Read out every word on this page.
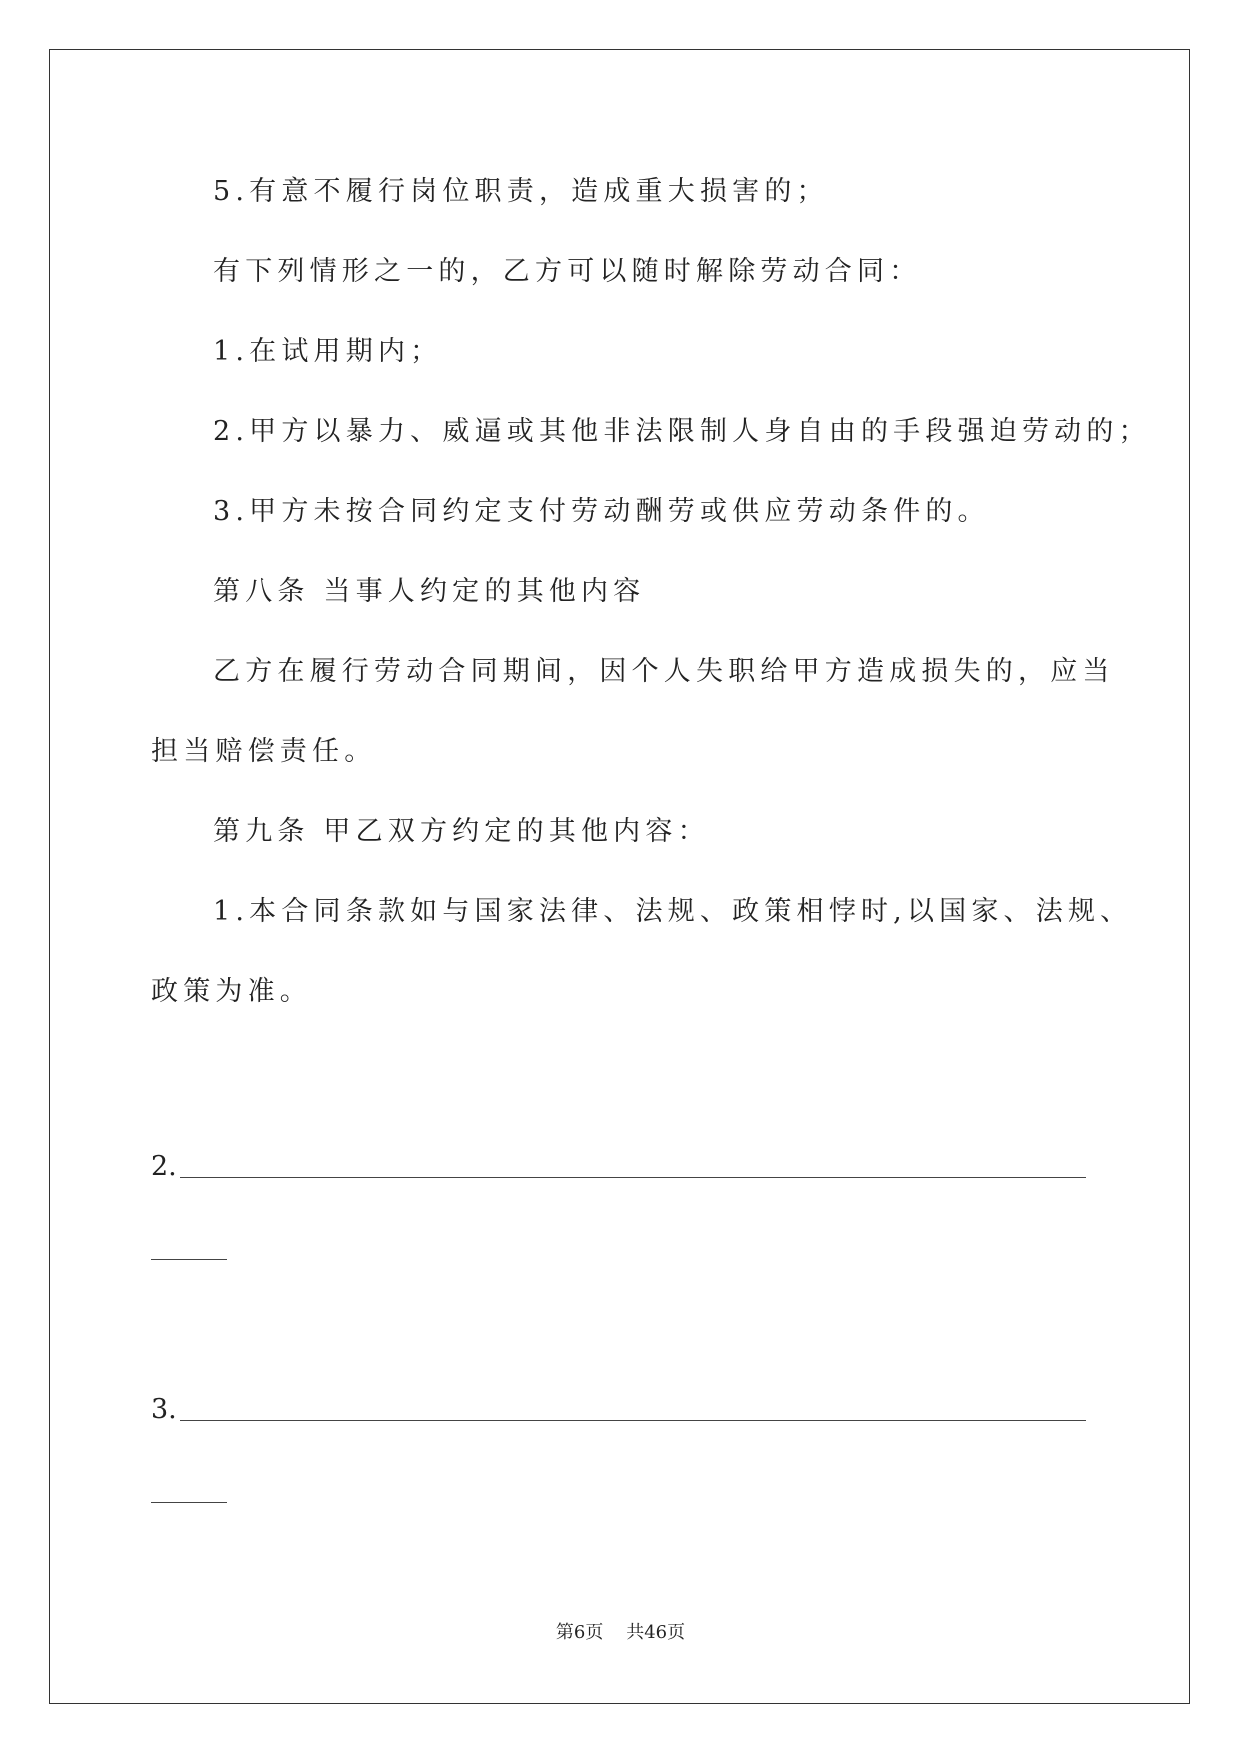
5.有意不履行岗位职责，造成重大损害的；
有下列情形之一的，乙方可以随时解除劳动合同：
1.在试用期内；
2.甲方以暴力、威逼或其他非法限制人身自由的手段强迫劳动的；
3.甲方未按合同约定支付劳动酬劳或供应劳动条件的。
第八条 当事人约定的其他内容
乙方在履行劳动合同期间，因个人失职给甲方造成损失的，应当
担当赔偿责任。
第九条 甲乙双方约定的其他内容：
1.本合同条款如与国家法律、法规、政策相悖时,以国家、法规、
政策为准。
2.
3.
第6页    共46页
